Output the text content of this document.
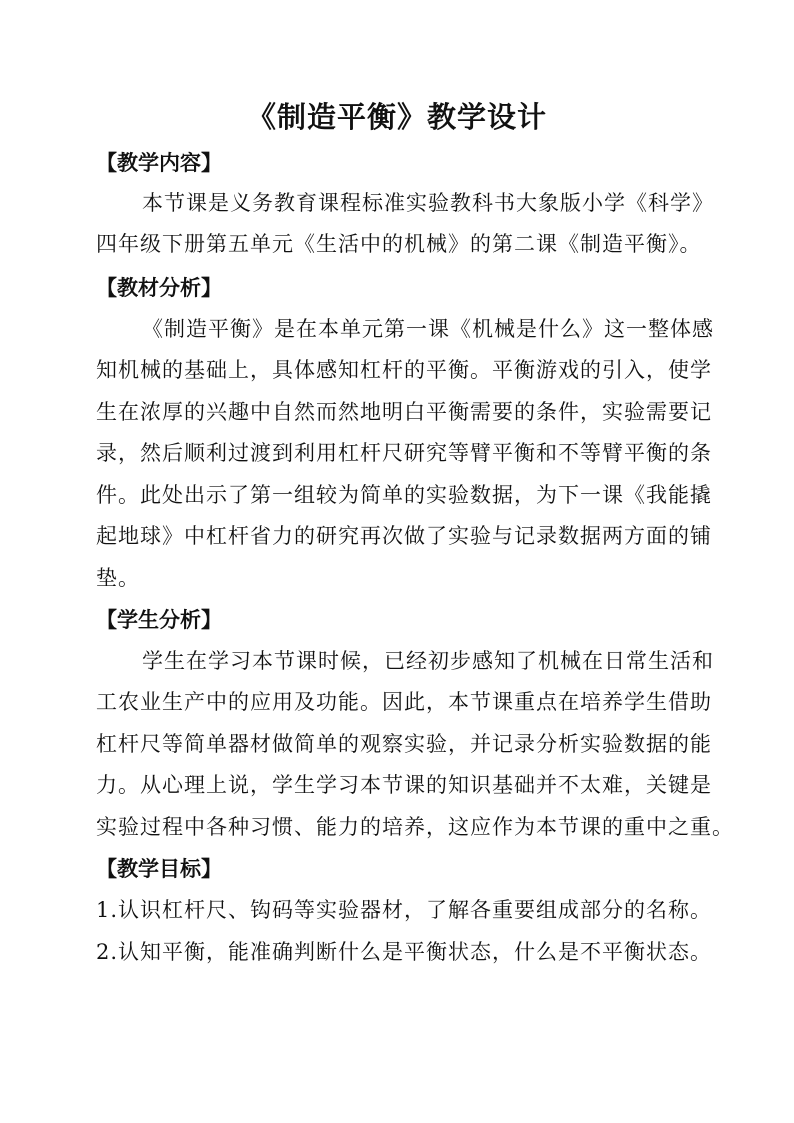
《制造平衡》教学设计
【教学内容】
本节课是义务教育课程标准实验教科书大象版小学《科学》
四年级下册第五单元《生活中的机械》的第二课《制造平衡》。
【教材分析】
《制造平衡》是在本单元第一课《机械是什么》这一整体感
知机械的基础上，具体感知杠杆的平衡。平衡游戏的引入，使学
生在浓厚的兴趣中自然而然地明白平衡需要的条件，实验需要记
录，然后顺利过渡到利用杠杆尺研究等臂平衡和不等臂平衡的条
件。此处出示了第一组较为简单的实验数据，为下一课《我能撬
起地球》中杠杆省力的研究再次做了实验与记录数据两方面的铺
垫。
【学生分析】
学生在学习本节课时候，已经初步感知了机械在日常生活和
工农业生产中的应用及功能。因此，本节课重点在培养学生借助
杠杆尺等简单器材做简单的观察实验，并记录分析实验数据的能
力。从心理上说，学生学习本节课的知识基础并不太难，关键是
实验过程中各种习惯、能力的培养，这应作为本节课的重中之重。
【教学目标】
1.认识杠杆尺、钩码等实验器材，了解各重要组成部分的名称。
2.认知平衡，能准确判断什么是平衡状态，什么是不平衡状态。
